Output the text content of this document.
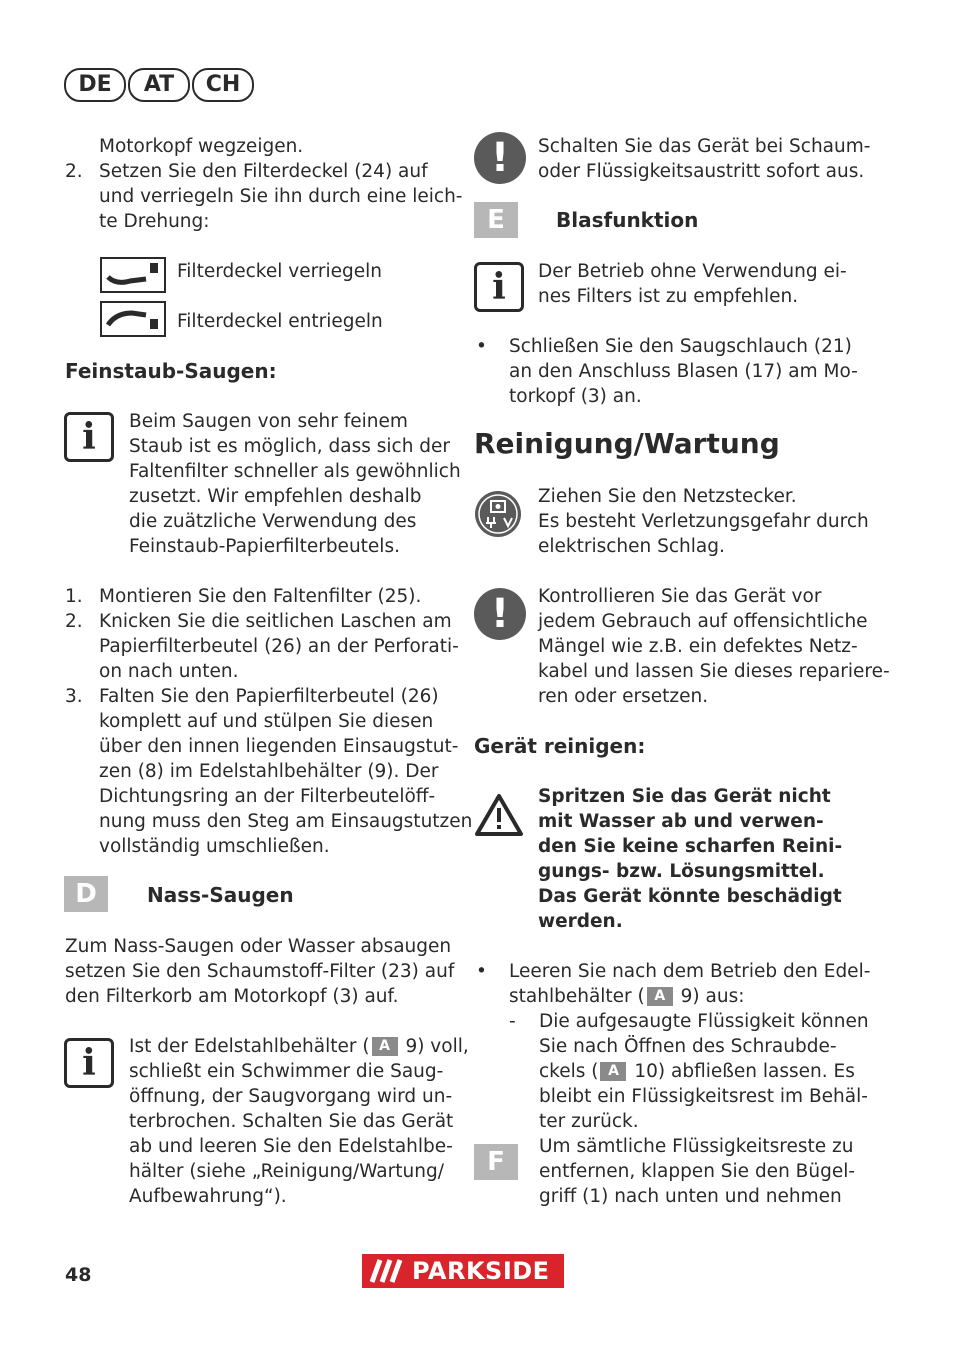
DE	AT	CH
Motorkopf wegzeigen.
2. Setzen Sie den Filterdeckel (24) auf
und verriegeln Sie ihn durch eine leich-
te Drehung:
Filterdeckel verriegeln
Filterdeckel entriegeln
Feinstaub-Saugen:
i	Beim Saugen von sehr feinem
Staub ist es möglich, dass sich der
Faltenfilter schneller als gewöhnlich
zusetzt. Wir empfehlen deshalb
die zuätzliche Verwendung des
Feinstaub-Papierfilterbeutels.
1. Montieren Sie den Faltenfilter (25).
2. Knicken Sie die seitlichen Laschen am
Papierfilterbeutel (26) an der Perforati-
on nach unten.
3. Falten Sie den Papierfilterbeutel (26)
komplett auf und stülpen Sie diesen
über den innen liegenden Einsaugstut-
zen (8) im Edelstahlbehälter (9). Der
Dichtungsring an der Filterbeutelöff-
nung muss den Steg am Einsaugstutzen
vollständig umschließen.
D	Nass-Saugen
Zum Nass-Saugen oder Wasser absaugen
setzen Sie den Schaumstoff-Filter (23) auf
den Filterkorb am Motorkopf (3) auf.
i	Ist der Edelstahlbehälter ( A 9) voll,
schließt ein Schwimmer die Saug-
öffnung, der Saugvorgang wird un-
terbrochen. Schalten Sie das Gerät
ab und leeren Sie den Edelstahlbe-
hälter (siehe „Reinigung/Wartung/
Aufbewahrung“).
!	Schalten Sie das Gerät bei Schaum-
oder Flüssigkeitsaustritt sofort aus.
E	Blasfunktion
i	Der Betrieb ohne Verwendung ei-
nes Filters ist zu empfehlen.
• Schließen Sie den Saugschlauch (21)
an den Anschluss Blasen (17) am Mo-
torkopf (3) an.
Reinigung/Wartung
Ziehen Sie den Netzstecker.
Es besteht Verletzungsgefahr durch
elektrischen Schlag.
!	Kontrollieren Sie das Gerät vor
jedem Gebrauch auf offensichtliche
Mängel wie z.B. ein defektes Netz-
kabel und lassen Sie dieses repariere-
ren oder ersetzen.
Gerät reinigen:
Spritzen Sie das Gerät nicht
mit Wasser ab und verwen-
den Sie keine scharfen Reini-
gungs- bzw. Lösungsmittel.
Das Gerät könnte beschädigt
werden.
• Leeren Sie nach dem Betrieb den Edel-
stahlbehälter ( A 9) aus:
- Die aufgesaugte Flüssigkeit können
Sie nach Öffnen des Schraubde-
ckels ( A 10) abfließen lassen. Es
bleibt ein Flüssigkeitsrest im Behäl-
ter zurück.
F
Um sämtliche Flüssigkeitsreste zu
entfernen, klappen Sie den Bügel-
griff (1) nach unten und nehmen
48	PARKSIDE
